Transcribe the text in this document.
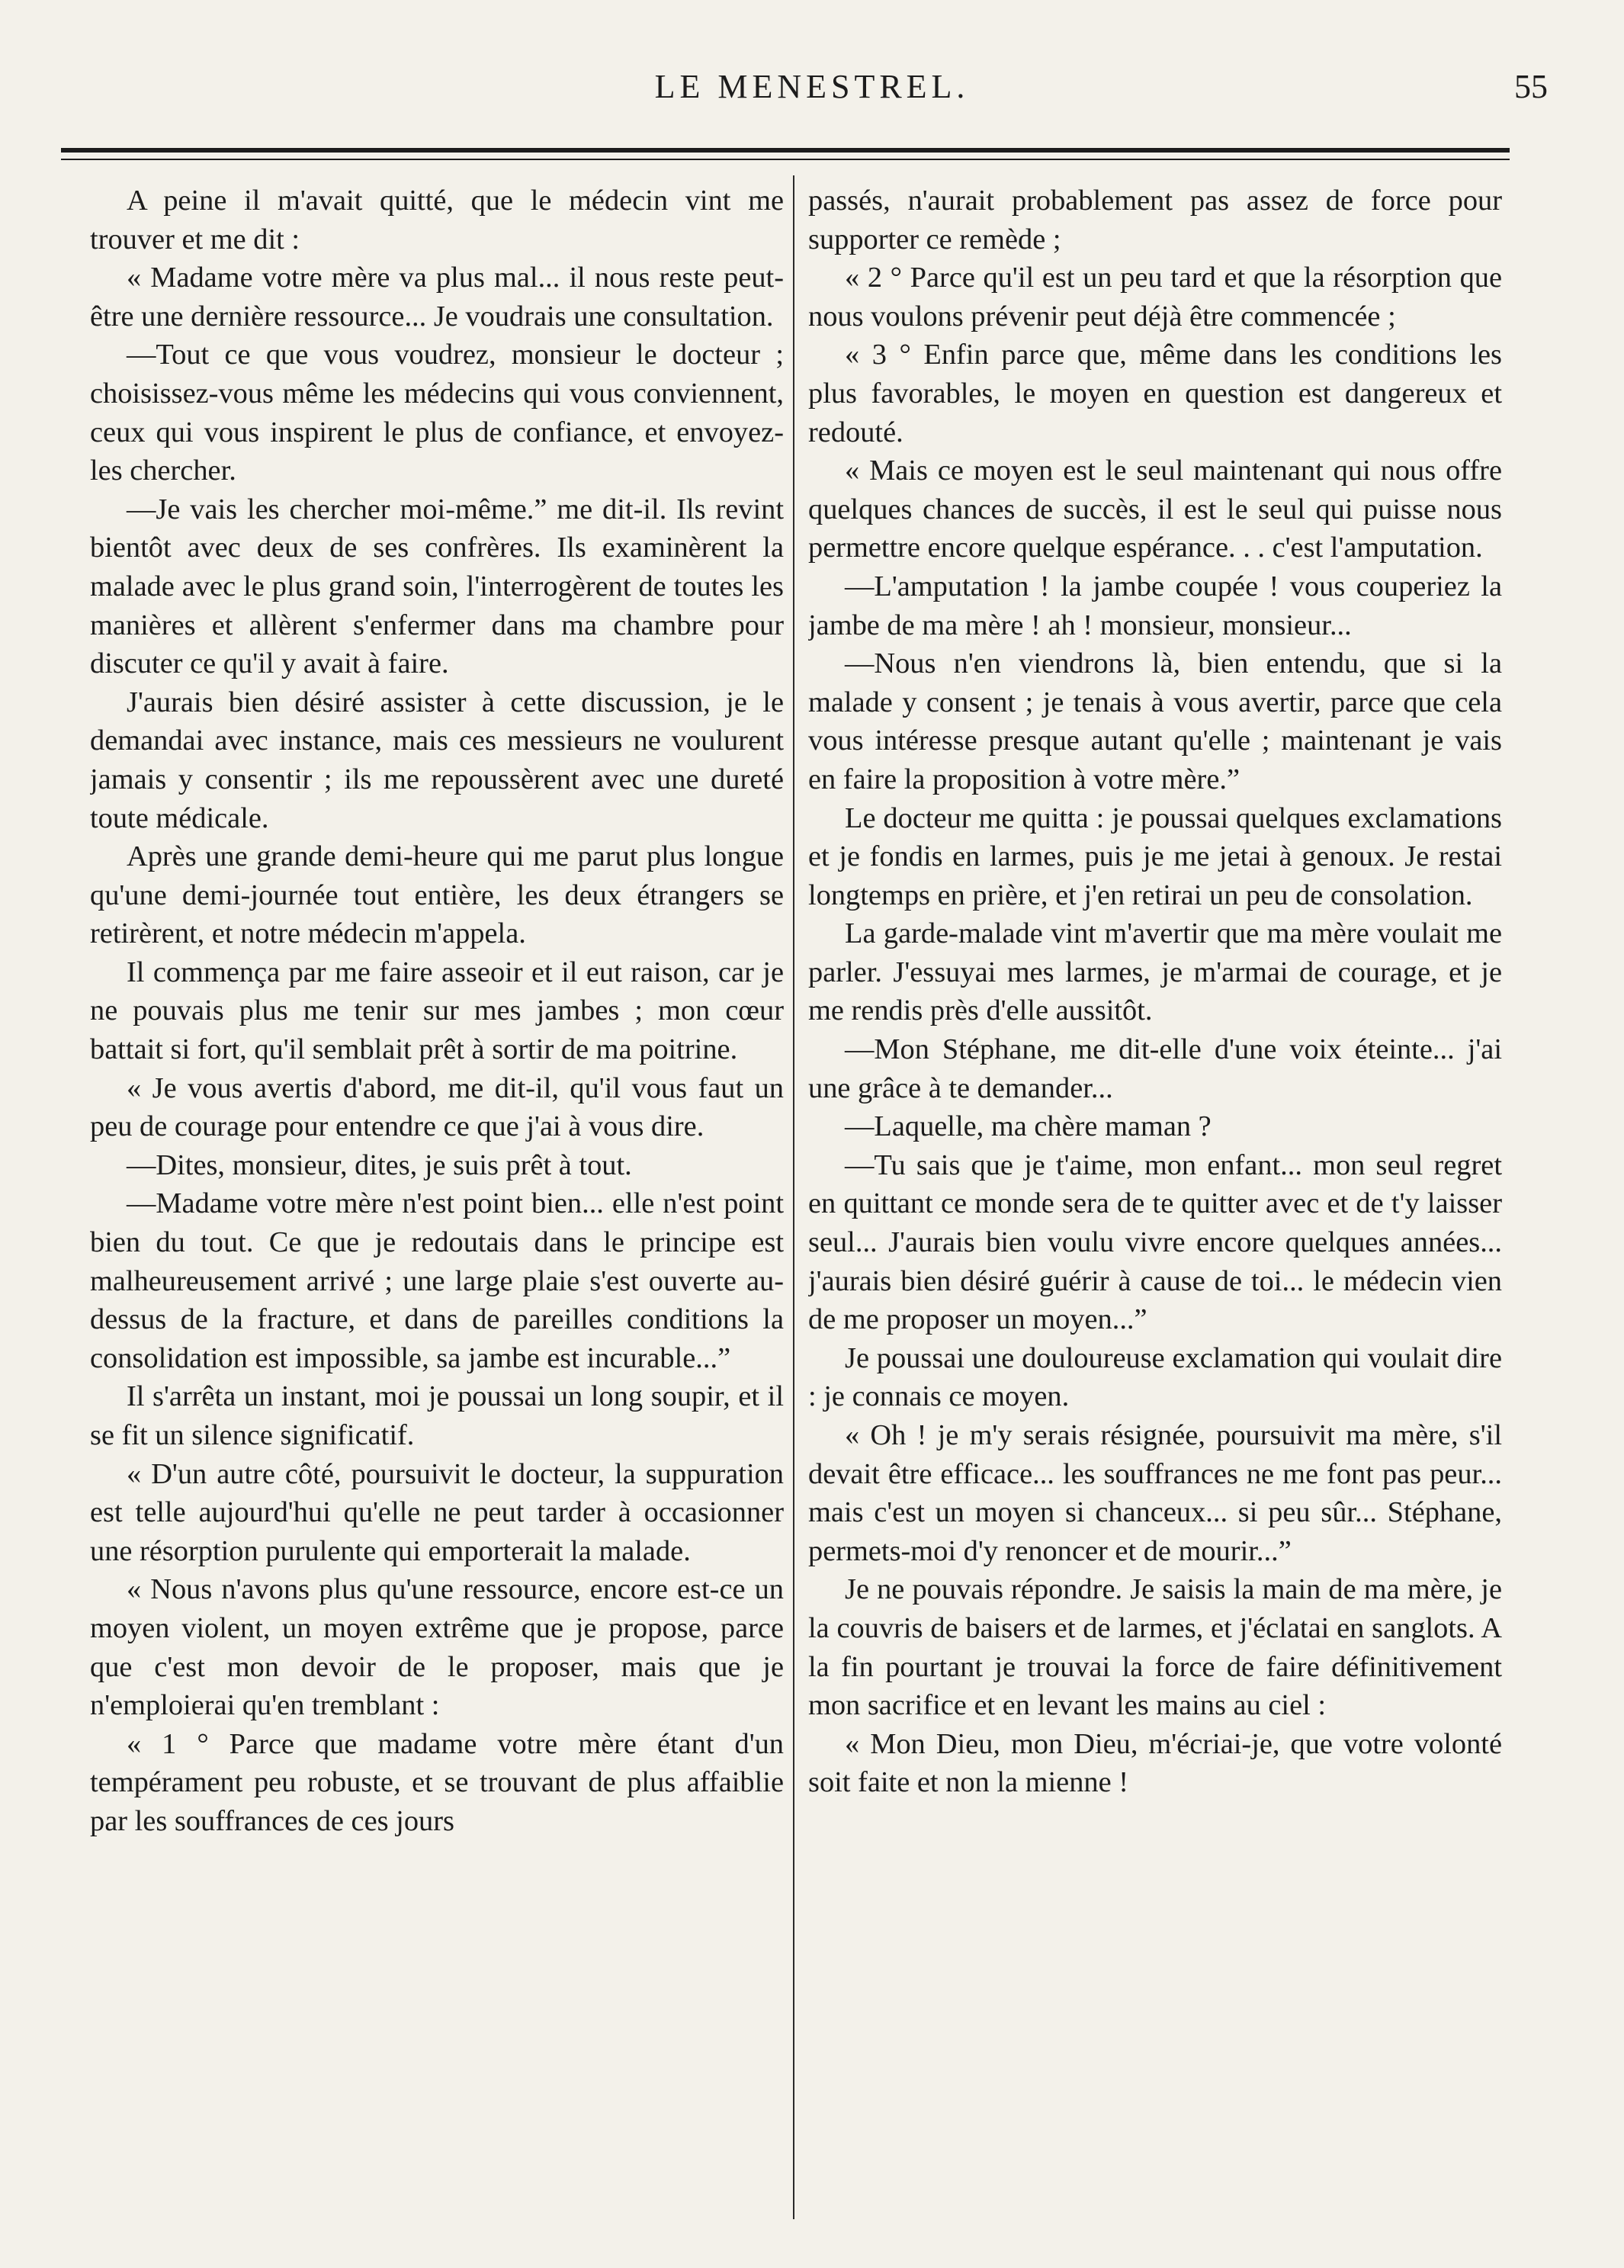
LE MENESTREL.	55

A peine il m'avait quitté, que le médecin vint me trouver et me dit :

« Madame votre mère va plus mal... il nous reste peut-être une dernière ressource... Je voudrais une consultation.

—Tout ce que vous voudrez, monsieur le docteur ; choisissez-vous même les médecins qui vous conviennent, ceux qui vous inspirent le plus de confiance, et envoyez-les chercher.

—Je vais les chercher moi-même.” me dit-il. Ils revint bientôt avec deux de ses confrères. Ils examinèrent la malade avec le plus grand soin, l'interrogèrent de toutes les manières et allèrent s'enfermer dans ma chambre pour discuter ce qu'il y avait à faire.

J'aurais bien désiré assister à cette discussion, je le demandai avec instance, mais ces messieurs ne voulurent jamais y consentir ; ils me repoussèrent avec une dureté toute médicale.

Après une grande demi-heure qui me parut plus longue qu'une demi-journée tout entière, les deux étrangers se retirèrent, et notre médecin m'appela.

Il commença par me faire asseoir et il eut raison, car je ne pouvais plus me tenir sur mes jambes ; mon cœur battait si fort, qu'il semblait prêt à sortir de ma poitrine.

« Je vous avertis d'abord, me dit-il, qu'il vous faut un peu de courage pour entendre ce que j'ai à vous dire.

—Dites, monsieur, dites, je suis prêt à tout.

—Madame votre mère n'est point bien... elle n'est point bien du tout. Ce que je redoutais dans le principe est malheureusement arrivé ; une large plaie s'est ouverte au-dessus de la fracture, et dans de pareilles conditions la consolidation est impossible, sa jambe est incurable...”

Il s'arrêta un instant, moi je poussai un long soupir, et il se fit un silence significatif.

« D'un autre côté, poursuivit le docteur, la suppuration est telle aujourd'hui qu'elle ne peut tarder à occasionner une résorption purulente qui emporterait la malade.

« Nous n'avons plus qu'une ressource, encore est-ce un moyen violent, un moyen extrême que je propose, parce que c'est mon devoir de le proposer, mais que je n'emploierai qu'en tremblant :

« 1 ° Parce que madame votre mère étant d'un tempérament peu robuste, et se trouvant de plus affaiblie par les souffrances de ces jours

passés, n'aurait probablement pas assez de force pour supporter ce remède ;

« 2 ° Parce qu'il est un peu tard et que la résorption que nous voulons prévenir peut déjà être commencée ;

« 3 ° Enfin parce que, même dans les conditions les plus favorables, le moyen en question est dangereux et redouté.

« Mais ce moyen est le seul maintenant qui nous offre quelques chances de succès, il est le seul qui puisse nous permettre encore quelque espérance. . . c'est l'amputation.

—L'amputation ! la jambe coupée ! vous couperiez la jambe de ma mère ! ah ! monsieur, monsieur...

—Nous n'en viendrons là, bien entendu, que si la malade y consent ; je tenais à vous avertir, parce que cela vous intéresse presque autant qu'elle ; maintenant je vais en faire la proposition à votre mère.”

Le docteur me quitta : je poussai quelques exclamations et je fondis en larmes, puis je me jetai à genoux. Je restai longtemps en prière, et j'en retirai un peu de consolation.

La garde-malade vint m'avertir que ma mère voulait me parler. J'essuyai mes larmes, je m'armai de courage, et je me rendis près d'elle aussitôt.

—Mon Stéphane, me dit-elle d'une voix éteinte... j'ai une grâce à te demander...

—Laquelle, ma chère maman ?

—Tu sais que je t'aime, mon enfant... mon seul regret en quittant ce monde sera de te quitter avec et de t'y laisser seul... J'aurais bien voulu vivre encore quelques années... j'aurais bien désiré guérir à cause de toi... le médecin vien de me proposer un moyen...”

Je poussai une douloureuse exclamation qui voulait dire : je connais ce moyen.

« Oh ! je m'y serais résignée, poursuivit ma mère, s'il devait être efficace... les souffrances ne me font pas peur... mais c'est un moyen si chanceux... si peu sûr... Stéphane, permets-moi d'y renoncer et de mourir...”

Je ne pouvais répondre. Je saisis la main de ma mère, je la couvris de baisers et de larmes, et j'éclatai en sanglots. A la fin pourtant je trouvai la force de faire définitivement mon sacrifice et en levant les mains au ciel :

« Mon Dieu, mon Dieu, m'écriai-je, que votre volonté soit faite et non la mienne !
